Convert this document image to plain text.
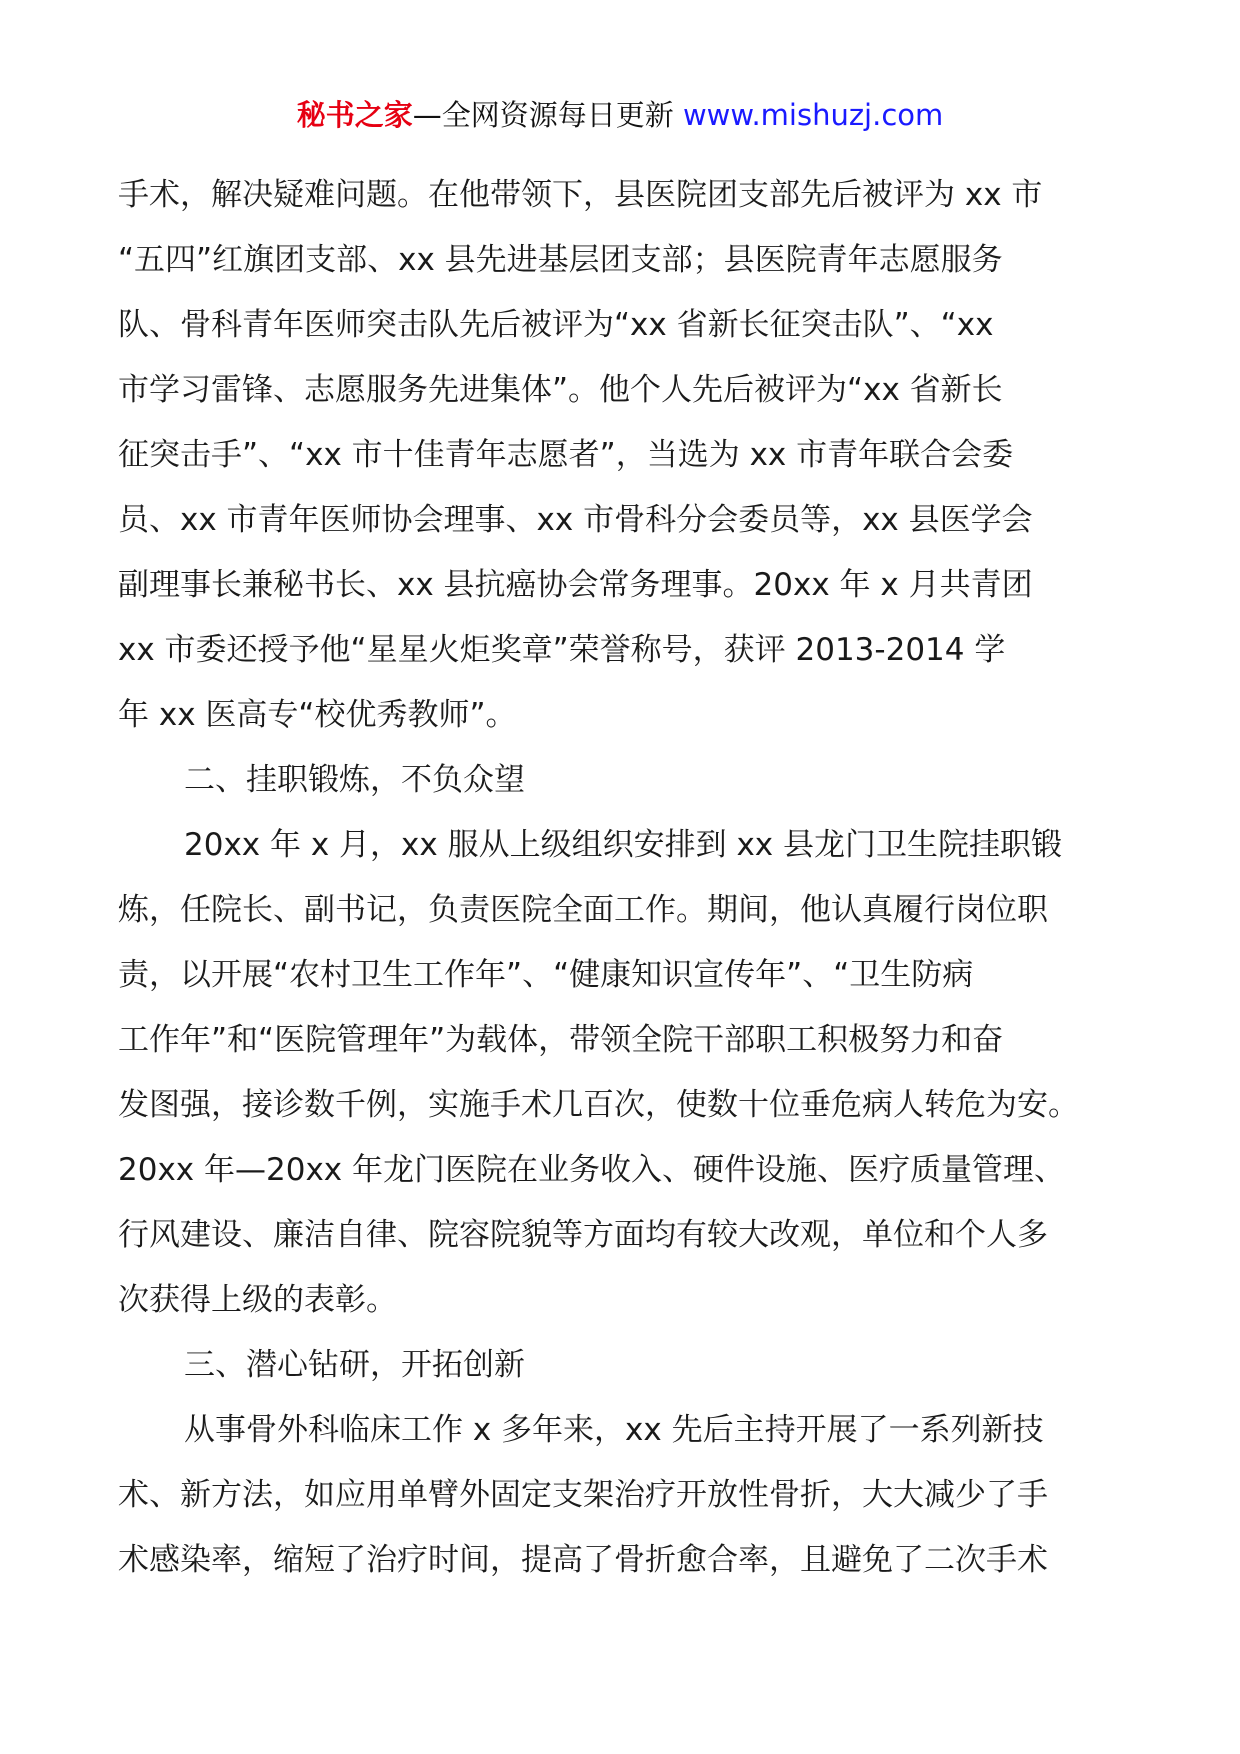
秘书之家—全网资源每日更新 www.mishuzj.com
手术，解决疑难问题。在他带领下，县医院团支部先后被评为 xx 市
“五四”红旗团支部、xx 县先进基层团支部；县医院青年志愿服务
队、骨科青年医师突击队先后被评为“xx 省新长征突击队”、“xx
市学习雷锋、志愿服务先进集体”。他个人先后被评为“xx 省新长
征突击手”、“xx 市十佳青年志愿者”，当选为 xx 市青年联合会委
员、xx 市青年医师协会理事、xx 市骨科分会委员等，xx 县医学会
副理事长兼秘书长、xx 县抗癌协会常务理事。20xx 年 x 月共青团
xx 市委还授予他“星星火炬奖章”荣誉称号，获评 2013-2014 学
年 xx 医高专“校优秀教师”。
二、挂职锻炼，不负众望
20xx 年 x 月，xx 服从上级组织安排到 xx 县龙门卫生院挂职锻
炼，任院长、副书记，负责医院全面工作。期间，他认真履行岗位职
责，以开展“农村卫生工作年”、“健康知识宣传年”、“卫生防病
工作年”和“医院管理年”为载体，带领全院干部职工积极努力和奋
发图强，接诊数千例，实施手术几百次，使数十位垂危病人转危为安。
20xx 年—20xx 年龙门医院在业务收入、硬件设施、医疗质量管理、
行风建设、廉洁自律、院容院貌等方面均有较大改观，单位和个人多
次获得上级的表彰。
三、潜心钻研，开拓创新
从事骨外科临床工作 x 多年来，xx 先后主持开展了一系列新技
术、新方法，如应用单臂外固定支架治疗开放性骨折，大大减少了手
术感染率，缩短了治疗时间，提高了骨折愈合率，且避免了二次手术
